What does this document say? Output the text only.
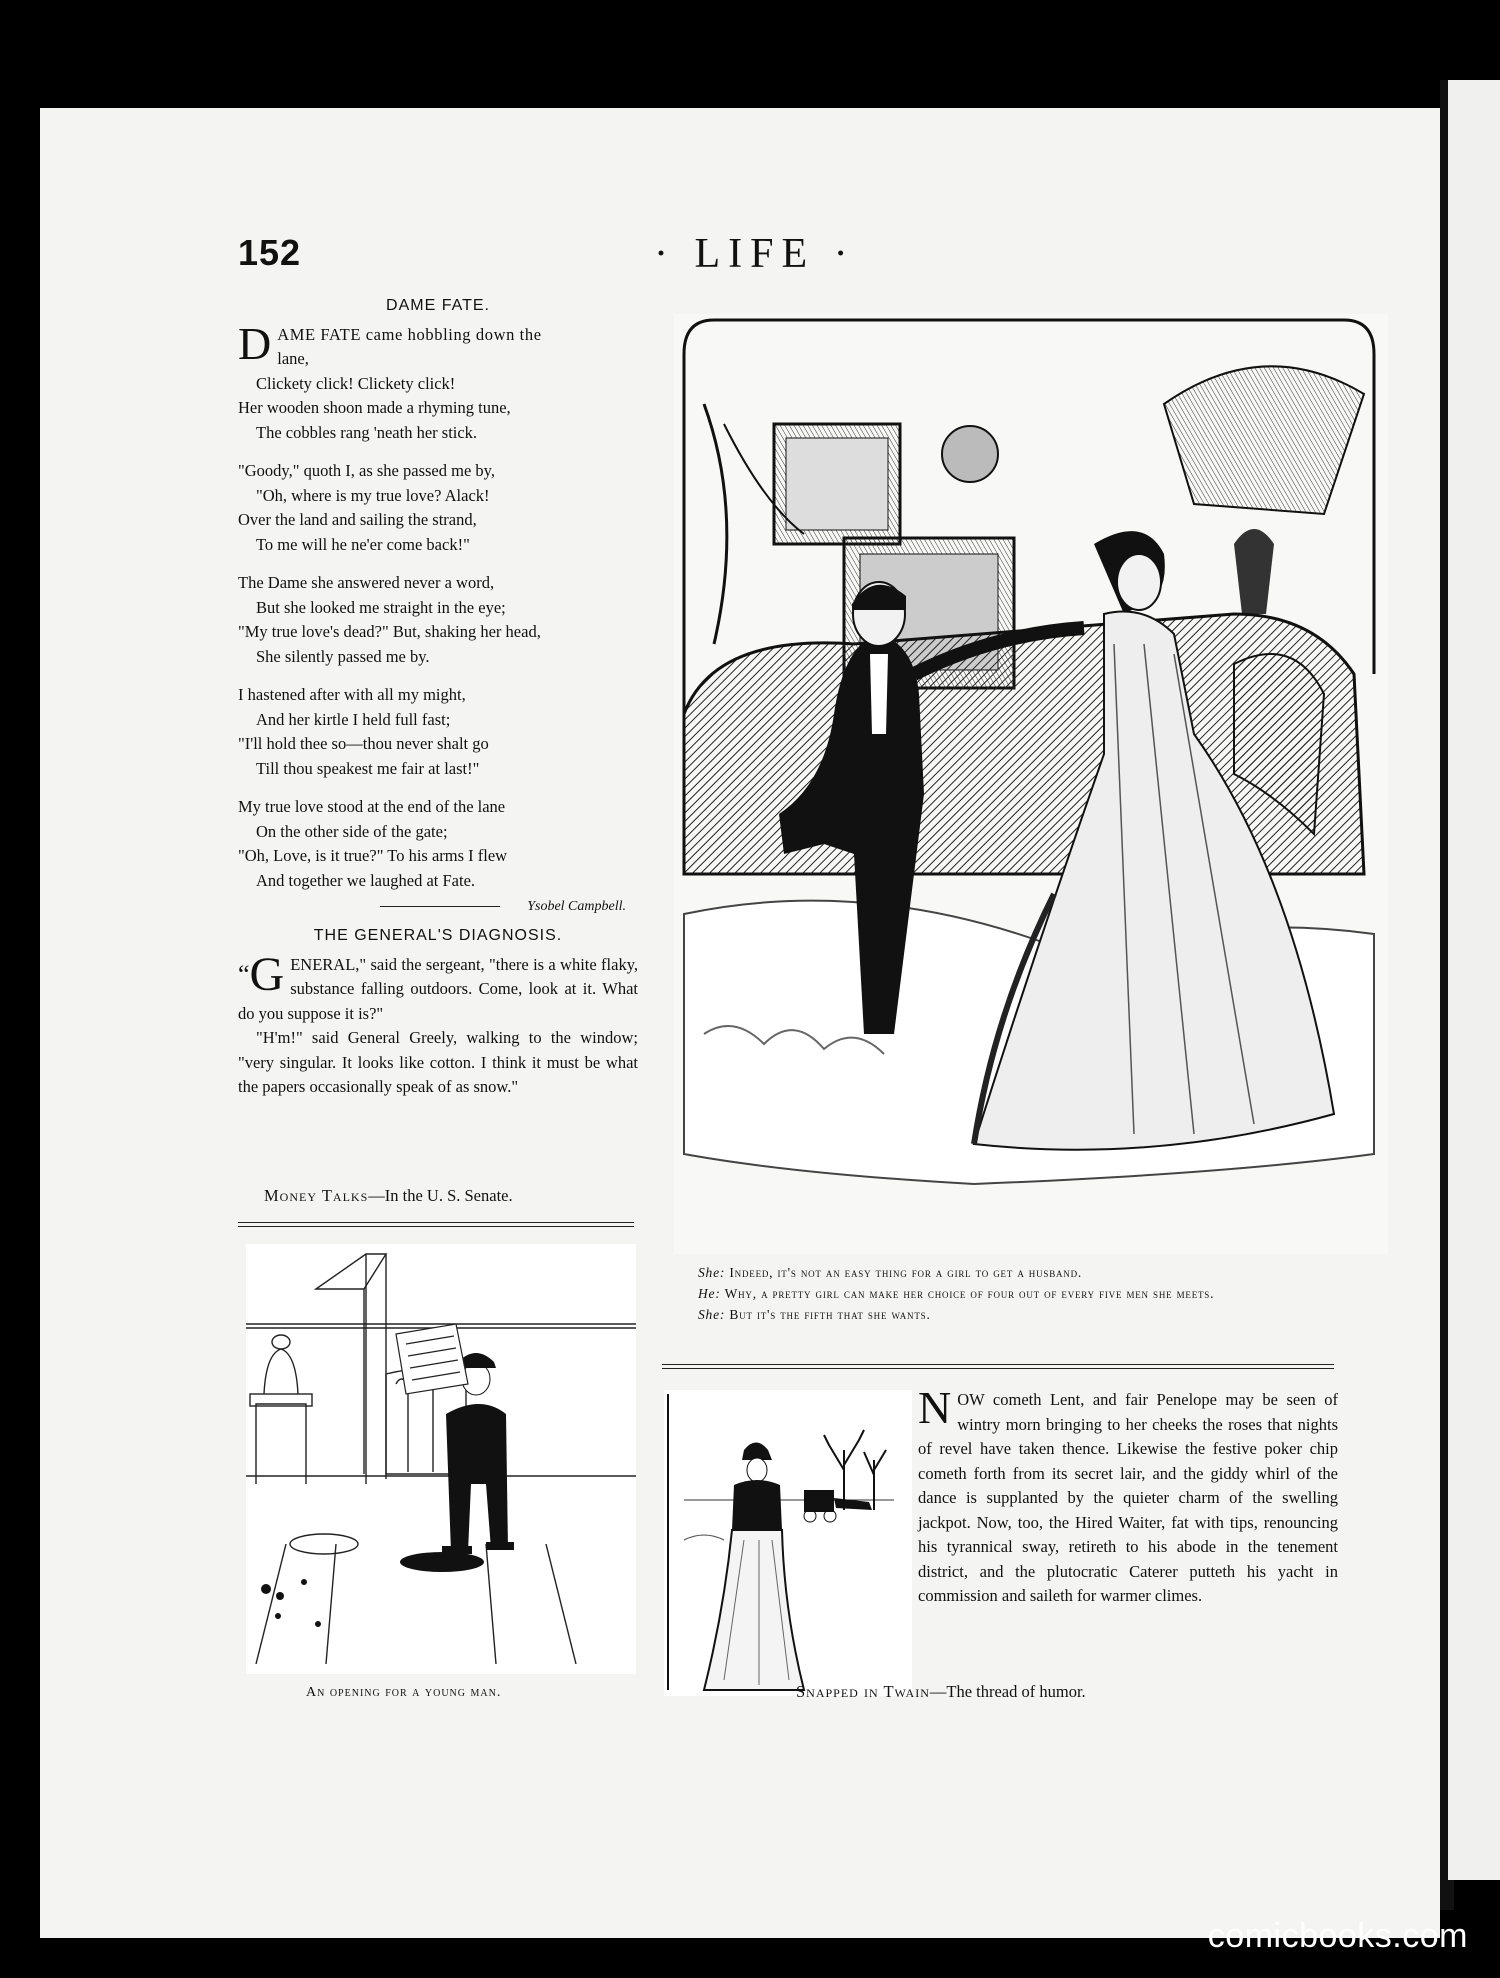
152	· LIFE ·
DAME FATE.
D AME FATE came hobbling down the
lane,
Clickety click! Clickety click!
Her wooden shoon made a rhyming tune,
The cobbles rang 'neath her stick.
"Goody," quoth I, as she passed me by,
"Oh, where is my true love? Alack!
Over the land and sailing the strand,
To me will he ne'er come back!"
The Dame she answered never a word,
But she looked me straight in the eye;
"My true love's dead?" But, shaking her head,
She silently passed me by.
I hastened after with all my might,
And her kirtle I held full fast;
"I'll hold thee so—thou never shalt go
Till thou speakest me fair at last!"
My true love stood at the end of the lane
On the other side of the gate;
"Oh, Love, is it true?" To his arms I flew
And together we laughed at Fate.
Ysobel Campbell.
THE GENERAL'S DIAGNOSIS.
“G ENERAL," said the sergeant, "there is a white flaky, substance falling outdoors. Come, look at it. What do you suppose it is?"
"H'm!" said General Greely, walking to the window; "very singular. It looks like cotton. I think it must be what the papers occasionally speak of as snow."
Money Talks—In the U. S. Senate.
An opening for a young man.
She: Indeed, it's not an easy thing for a girl to get a husband.
He: Why, a pretty girl can make her choice of four out of every five men she meets.
She: But it's the fifth that she wants.
N OW cometh Lent, and fair Penelope may be seen of wintry morn bringing to her cheeks the roses that nights of revel have taken thence. Likewise the festive poker chip cometh forth from its secret lair, and the giddy whirl of the dance is supplanted by the quieter charm of the swelling jackpot. Now, too, the Hired Waiter, fat with tips, renouncing his tyrannical sway, retireth to his abode in the tenement district, and the plutocratic Caterer putteth his yacht in commission and saileth for warmer climes.
Snapped in Twain—The thread of humor.
comicbooks.com
